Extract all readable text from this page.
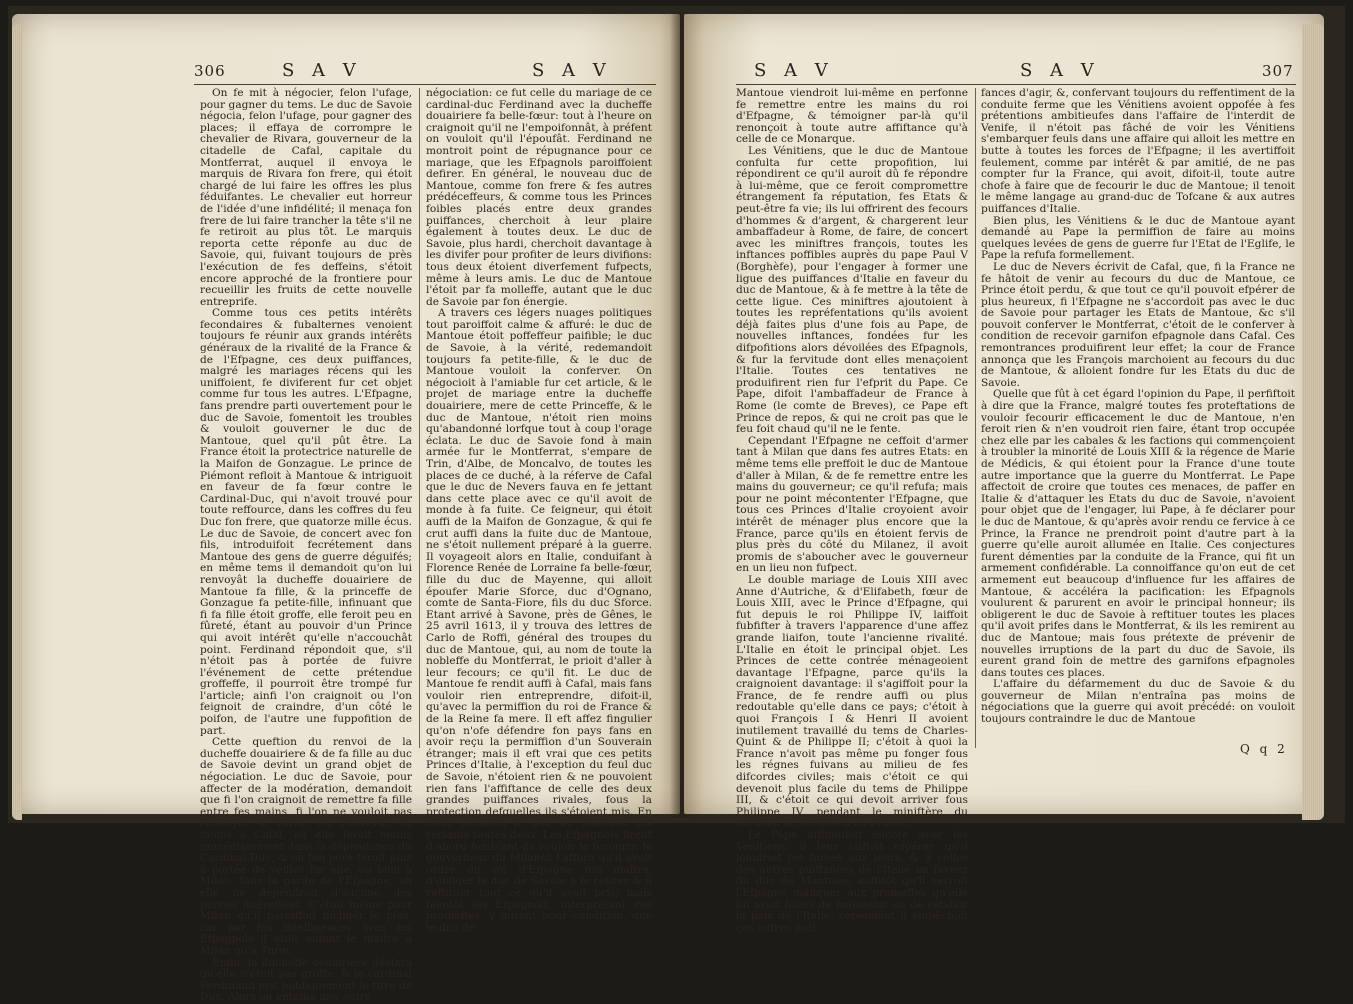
306	S A V	S A V

On fe mit à négocier, felon l'ufage, pour gagner du tems. Le duc de Savoie négocia, felon l'ufage, pour gagner des places; il effaya de corrompre le chevalier de Rivara, gouverneur de la citadelle de Cafal, capitale du Montferrat, auquel il envoya le marquis de Rivara fon frere, qui étoit chargé de lui faire les offres les plus féduifantes. Le chevalier eut horreur de l'idée d'une infidélité; il menaça fon frere de lui faire trancher la tête s'il ne fe retiroit au plus tôt. Le marquis reporta cette réponfe au duc de Savoie, qui, fuivant toujours de près l'exécution de fes deffeins, s'étoit encore approché de la frontiere pour recueillir les fruits de cette nouvelle entreprife.

Comme tous ces petits intérêts fecondaires & fubalternes venoient toujours fe réunir aux grands intérêts généraux de la rivalité de la France & de l'Efpagne, ces deux puiffances, malgré les mariages récens qui les uniffoient, fe diviferent fur cet objet comme fur tous les autres. L'Efpagne, fans prendre parti ouvertement pour le duc de Savoie, fomentoit les troubles & vouloit gouverner le duc de Mantoue, quel qu'il pût être. La France étoit la protectrice naturelle de la Maifon de Gonzague. Le prince de Piémont refloit à Mantoue & intriguoit en faveur de fa fœur contre le Cardinal-Duc, qui n'avoit trouvé pour toute reffource, dans les coffres du feu Duc fon frere, que quatorze mille écus. Le duc de Savoie, de concert avec fon fils, introduifoit fecrétement dans Mantoue des gens de guerre déguifés; en même tems il demandoit qu'on lui renvoyât la ducheffe douairiere de Mantoue fa fille, & la princeffe de Gonzague fa petite-fille, infinuant que fi fa fille étoit groffe, elle feroit peu en fûreté, étant au pouvoir d'un Prince qui avoit intérêt qu'elle n'accouchât point. Ferdinand répondoit que, s'il n'étoit pas à portée de fuivre l'événement de cette prétendue groffeffe, il pourroit être trompé fur l'article; ainfi l'on craignoit ou l'on feignoit de craindre, d'un côté le poifon, de l'autre une fuppofition de part.

Cette queftion du renvoi de la ducheffe douairiere & de fa fille au duc de Savoie devint un grand objet de négociation. Le duc de Savoie, pour affecter de la modération, demandoit que fi l'on craignoit de remettre fa fille entre fes mains, fi l'on ne vouloit pas l'envoyer à Turin, on l'envoyât du moins à Cafal, où elle feroit moins immédiatement dans la dépendance du Cardinal-Duc, & où fon pere feroit plus à portée de veiller fur elle, ou bien à Milan, fous la garde de l'Efpagne, où elle ne dépendroit d'aucune des parties intéreffées. C'étoit même pour Milan qu'il paroiffoit incliner le plus, car par fes intelligences avec les Efpagnols il étoit autant le maître à Milan qu'à Turin.

Enfin, la ducheffe douairiere déclara qu'elle n'étoit pas groffe, & le cardinal Ferdinand prit publiquement le titre de Duc. Alors on entama une autre

négociation: ce fut celle du mariage de ce cardinal-duc Ferdinand avec la ducheffe douairiere fa belle-fœur: tout à l'heure on craignoit qu'il ne l'empoifonnât, à préfent on vouloit qu'il l'époufât. Ferdinand ne montroit point de répugnance pour ce mariage, que les Efpagnols paroiffoient defirer. En général, le nouveau duc de Mantoue, comme fon frere & fes autres prédéceffeurs, & comme tous les Princes foibles placés entre deux grandes puiffances, cherchoit à leur plaire également à toutes deux. Le duc de Savoie, plus hardi, cherchoit davantage à les divifer pour profiter de leurs divifions: tous deux étoient diverfement fufpects, même à leurs amis. Le duc de Mantoue l'étoit par fa molleffe, autant que le duc de Savoie par fon énergie.

A travers ces légers nuages politiques tout paroiffoit calme & affuré: le duc de Mantoue étoit poffeffeur paifible; le duc de Savoie, à la vérité, redemandoit toujours fa petite-fille, & le duc de Mantoue vouloit la conferver. On négocioit à l'amiable fur cet article, & le projet de mariage entre la ducheffe douairiere, mere de cette Princeffe, & le duc de Mantoue, n'étoit rien moins qu'abandonné lorfque tout à coup l'orage éclata. Le duc de Savoie fond à main armée fur le Montferrat, s'empare de Trin, d'Albe, de Moncalvo, de toutes les places de ce duché, à la réferve de Cafal que le duc de Nevers fauva en fe jettant dans cette place avec ce qu'il avoit de monde à fa fuite. Ce feigneur, qui étoit auffi de la Maifon de Gonzague, & qui fe crut auffi dans la fuite duc de Mantoue, ne s'étoit nullement préparé à la guerre. Il voyageoit alors en Italie, conduifant à Florence Renée de Lorraine fa belle-fœur, fille du duc de Mayenne, qui alloit époufer Marie Sforce, duc d'Ognano, comte de Santa-Fiore, fils du duc Sforce. Etant arrivé à Savone, près de Gênes, le 25 avril 1613, il y trouva des lettres de Carlo de Roffi, général des troupes du duc de Mantoue, qui, au nom de toute la nobleffe du Montferrat, le prioit d'aller à leur fecours; ce qu'il fit. Le duc de Mantoue fe rendit auffi à Cafal, mais fans vouloir rien entreprendre, difoit-il, qu'avec la permiffion du roi de France & de la Reine fa mere. Il eft affez fingulier qu'on n'ofe défendre fon pays fans en avoir reçu la permiffion d'un Souverain étranger; mais il eft vrai que ces petits Princes d'Italie, à l'exception du feul duc de Savoie, n'étoient rien & ne pouvoient rien fans l'affiftance de celle des deux grandes puiffances rivales, fous la protection defquelles ils s'étoient mis. En cette occafion le duc de Mantoue les réclama toutes deux. Les Efpagnols firent d'abord femblant de vouloir le fecourir: le gouverneur du Milanez l'affura qu'il avoit ordre du roi d'Efpagne fon maître, d'obliger le duc de Savoie à fe retirer & à reftituer tout ce qu'il avoit pris; mais bientôt les Efpagnols, interprétant ces promeffes, y mirent pour condition, que le duc de

S A V	S A V	307

Mantoue viendroit lui-même en perfonne fe remettre entre les mains du roi d'Efpagne, & témoigner par-là qu'il renonçoit à toute autre affiftance qu'à celle de ce Monarque.

Les Vénitiens, que le duc de Mantoue confulta fur cette propofition, lui répondirent ce qu'il auroit dû fe répondre à lui-même, que ce feroit compromettre étrangement fa réputation, fes Etats & peut-être fa vie; ils lui offrirent des fecours d'hommes & d'argent, & chargerent leur ambaffadeur à Rome, de faire, de concert avec les miniftres françois, toutes les inftances poffibles auprès du pape Paul V (Borghèfe), pour l'engager à former une ligue des puiffances d'Italie en faveur du duc de Mantoue, & à fe mettre à la tête de cette ligue. Ces miniftres ajoutoient à toutes les repréfentations qu'ils avoient déjà faites plus d'une fois au Pape, de nouvelles inftances, fondées fur les difpofitions alors dévoilées des Efpagnols, & fur la fervitude dont elles menaçoient l'Italie. Toutes ces tentatives ne produifirent rien fur l'efprit du Pape. Ce Pape, difoit l'ambaffadeur de France à Rome (le comte de Breves), ce Pape eft Prince de repos, & qui ne croit pas que le feu foit chaud qu'il ne le fente.

Cependant l'Efpagne ne ceffoit d'armer tant à Milan que dans fes autres Etats: en même tems elle preffoit le duc de Mantoue d'aller à Milan, & de fe remettre entre les mains du gouverneur; ce qu'il refufa; mais pour ne point mécontenter l'Efpagne, que tous ces Princes d'Italie croyoient avoir intérêt de ménager plus encore que la France, parce qu'ils en étoient fervis de plus près du côté du Milanez, il avoit promis de s'aboucher avec le gouverneur en un lieu non fufpect.

Le double mariage de Louis XIII avec Anne d'Autriche, & d'Elifabeth, fœur de Louis XIII, avec le Prince d'Efpagne, qui fut depuis le roi Philippe IV, laiffoit fubfifter à travers l'apparence d'une affez grande liaifon, toute l'ancienne rivalité. L'Italie en étoit le principal objet. Les Princes de cette contrée ménageoient davantage l'Efpagne, parce qu'ils la craignoient davantage: il s'agiffoit pour la France, de fe rendre auffi ou plus redoutable qu'elle dans ce pays; c'étoit à quoi François I & Henri II avoient inutilement travaillé du tems de Charles-Quint & de Philippe II; c'étoit à quoi la France n'avoit pas même pu fonger fous les régnes fuivans au milieu de fes difcordes civiles; mais c'étoit ce qui devenoit plus facile du tems de Philippe III, & c'étoit ce qui devoit arriver fous Philippe IV, pendant le miniftère du cardinal de Richelieu en France.

Le Pape diffimuloit encore avec les Vénitiens: il leur laiffoit efpérer qu'il joindroit fes forces aux leurs, & à celles des autres puiffances de l'Italie en faveur du duc de Mantoue, auffitôt qu'il verroit l'Efpagne manquer aux promeffes qu'elle lui avoit faites de maintenir ou de rétablir la paix de l'Italie; cependant il empêchoit ces autres puif-

fances d'agir, &, confervant toujours du reffentiment de la conduite ferme que les Vénitiens avoient oppofée à fes prétentions ambitieufes dans l'affaire de l'interdit de Venife, il n'étoit pas fâché de voir les Vénitiens s'embarquer feuls dans une affaire qui alloit les mettre en butte à toutes les forces de l'Efpagne; il les avertiffoit feulement, comme par intérêt & par amitié, de ne pas compter fur la France, qui avoit, difoit-il, toute autre chofe à faire que de fecourir le duc de Mantoue; il tenoit le même langage au grand-duc de Tofcane & aux autres puiffances d'Italie.

Bien plus, les Vénitiens & le duc de Mantoue ayant demandé au Pape la permiffion de faire au moins quelques levées de gens de guerre fur l'Etat de l'Eglife, le Pape la refufa formellement.

Le duc de Nevers écrivit de Cafal, que, fi la France ne fe hâtoit de venir au fecours du duc de Mantoue, ce Prince étoit perdu, & que tout ce qu'il pouvoit efpérer de plus heureux, fi l'Efpagne ne s'accordoit pas avec le duc de Savoie pour partager les Etats de Mantoue, &c s'il pouvoit conferver le Montferrat, c'étoit de le conferver à condition de recevoir garnifon efpagnole dans Cafal. Ces remontrances produifirent leur effet; la cour de France annonça que les François marchoient au fecours du duc de Mantoue, & alloient fondre fur les Etats du duc de Savoie.

Quelle que fût à cet égard l'opinion du Pape, il perfiftoit à dire que la France, malgré toutes fes proteftations de vouloir fecourir efficacement le duc de Mantoue, n'en feroit rien & n'en voudroit rien faire, étant trop occupée chez elle par les cabales & les factions qui commençoient à troubler la minorité de Louis XIII & la régence de Marie de Médicis, & qui étoient pour la France d'une toute autre importance que la guerre du Montferrat. Le Pape affectoit de croire que toutes ces menaces, de paffer en Italie & d'attaquer les Etats du duc de Savoie, n'avoient pour objet que de l'engager, lui Pape, à fe déclarer pour le duc de Mantoue, & qu'après avoir rendu ce fervice à ce Prince, la France ne prendroit point d'autre part à la guerre qu'elle auroit allumée en Italie. Ces conjectures furent démenties par la conduite de la France, qui fit un armement confidérable. La connoiffance qu'on eut de cet armement eut beaucoup d'influence fur les affaires de Mantoue, & accéléra la pacification: les Efpagnols voulurent & parurent en avoir le principal honneur; ils obligerent le duc de Savoie à reftituer toutes les places qu'il avoit prifes dans le Montferrat, & ils les remirent au duc de Mantoue; mais fous prétexte de prévenir de nouvelles irruptions de la part du duc de Savoie, ils eurent grand foin de mettre des garnifons efpagnoles dans toutes ces places.

L'affaire du défarmement du duc de Savoie & du gouverneur de Milan n'entraîna pas moins de négociations que la guerre qui avoit précédé: on vouloit toujours contraindre le duc de Mantoue

Q q 2
